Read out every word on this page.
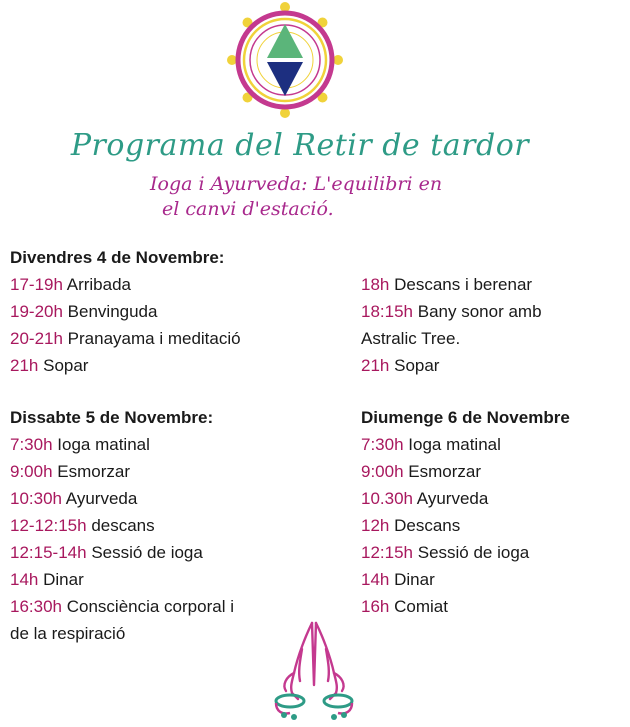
Programa del Retir de tardor
Ioga i Ayurveda: L'equilibri en
el canvi d'estació.
Divendres 4 de Novembre:
17-19h Arribada
19-20h Benvinguda
20-21h Pranayama i meditació
21h Sopar
18h Descans i berenar
18:15h Bany sonor amb
Astralic Tree.
21h Sopar
Dissabte 5 de Novembre:
7:30h Ioga matinal
9:00h Esmorzar
10:30h Ayurveda
12-12:15h descans
12:15-14h Sessió de ioga
14h Dinar
16:30h Consciència corporal i
de la respiració
Diumenge 6 de Novembre
7:30h Ioga matinal
9:00h Esmorzar
10.30h Ayurveda
12h Descans
12:15h Sessió de ioga
14h Dinar
16h Comiat
